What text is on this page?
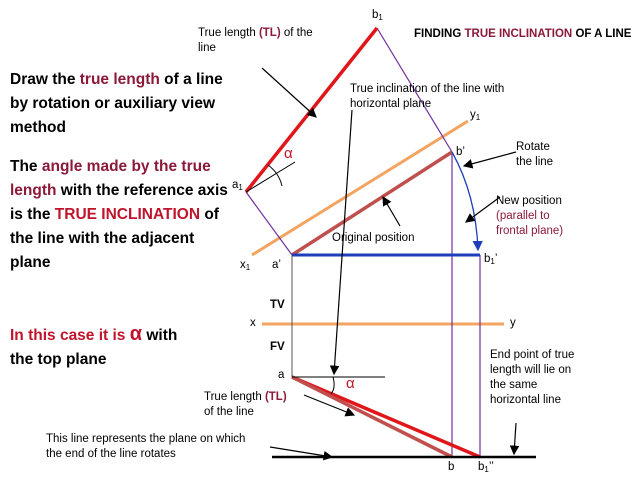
FINDING TRUE INCLINATION OF A LINE
Draw the true length of a line by rotation or auxiliary view method
The angle made by the true length with the reference axis is the TRUE INCLINATION of the line with the adjacent plane
In this case it is α with
the top plane
$b_1$
$a_1$
$x_1$
$y_1$
a’
b’
$b_1$’
x	y
TV
FV
a
b $b_1$’’
α
α
True length (TL) of the
line
True inclination of the line with
horizontal plane
Rotate
the line
New position
(parallel to
frontal plane)
Original position
True length (TL)
of the line
End point of true
length will lie on
the same
horizontal line
This line represents the plane on which
the end of the line rotates
